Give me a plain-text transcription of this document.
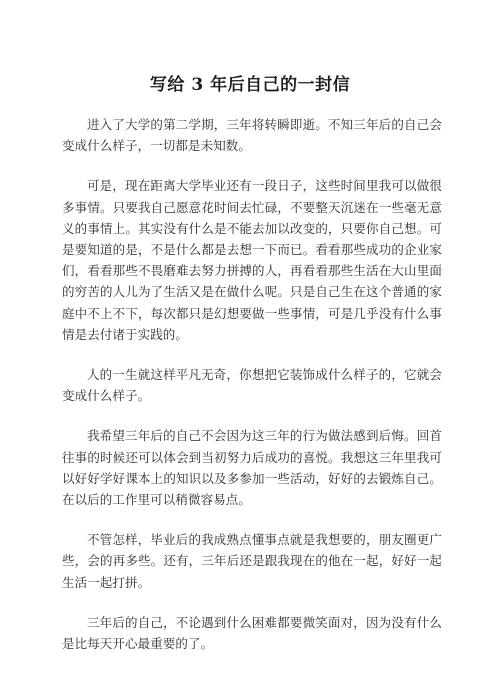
写给 3 年后自己的一封信

进入了大学的第二学期，三年将转瞬即逝。不知三年后的自己会变成什么样子，一切都是未知数。

可是，现在距离大学毕业还有一段日子，这些时间里我可以做很多事情。只要我自己愿意花时间去忙碌，不要整天沉迷在一些毫无意义的事情上。其实没有什么是不能去加以改变的，只要你自己想。可是要知道的是，不是什么都是去想一下而已。看看那些成功的企业家们，看看那些不畏磨难去努力拼搏的人，再看看那些生活在大山里面的穷苦的人儿为了生活又是在做什么呢。只是自己生在这个普通的家庭中不上不下，每次都只是幻想要做一些事情，可是几乎没有什么事情是去付诸于实践的。

人的一生就这样平凡无奇，你想把它装饰成什么样子的，它就会变成什么样子。

我希望三年后的自己不会因为这三年的行为做法感到后悔。回首往事的时候还可以体会到当初努力后成功的喜悦。我想这三年里我可以好好学好课本上的知识以及多参加一些活动，好好的去锻炼自己。在以后的工作里可以稍微容易点。

不管怎样，毕业后的我成熟点懂事点就是我想要的，朋友圈更广些，会的再多些。还有，三年后还是跟我现在的他在一起，好好一起生活一起打拼。

三年后的自己，不论遇到什么困难都要微笑面对，因为没有什么是比每天开心最重要的了。
